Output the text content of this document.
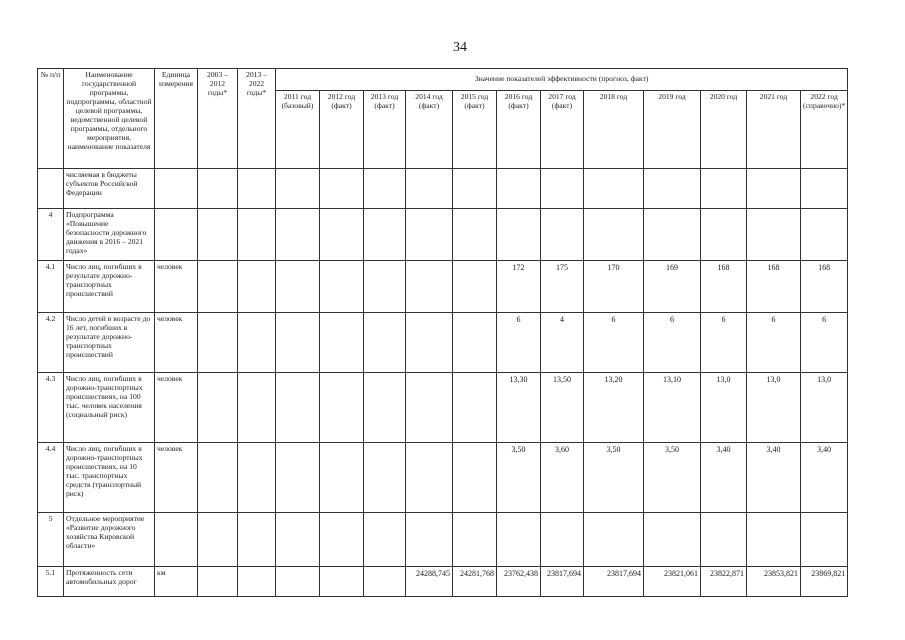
34
№ п/п	Наименование государственной программы, подпрограммы, областной целевой программы, ведомственной целевой программы, отдельного мероприятия, наименование показателя	Единица измерения	2003 – 2012 годы*	2013 – 2022 годы*	Значение показателей эффективности (прогноз, факт)											
					2011 год (базовый)	2012 год (факт)	2013 год (факт)	2014 год (факт)	2015 год (факт)	2016 год (факт)	2017 год (факт)	2018 год	2019 год	2020 год	2021 год	2022 год (справочно)*
	числяемая в бюджеты субъектов Российской Федерации															
4	Подпрограмма «Повышение безопасности дорожного движения в 2016 – 2021 годах»															
4.1	Число лиц, погибших в результате дорожно-транспортных происшествий	человек								172	175	170	169	168	168	168
4.2	Число детей в возрасте до 16 лет, погибших в результате дорожно-транспортных происшествий	человек								6	4	6	6	6	6	6
4.3	Число лиц, погибших в дорожно-транспортных происшествиях, на 100 тыс. человек населения (социальный риск)	человек								13,30	13,50	13,20	13,10	13,0	13,0	13,0
4.4	Число лиц, погибших в дорожно-транспортных происшествиях, на 10 тыс. транспортных средств (транспортный риск)	человек								3,50	3,60	3,50	3,50	3,40	3,40	3,40
5	Отдельное мероприятие «Развитие дорожного хозяйства Кировской области»															
5.1	Протяженность сети автомобильных дорог	км						24288,745	24281,768	23762,438	23817,694	23817,694	23821,061	23822,871	23853,821	23869,821
